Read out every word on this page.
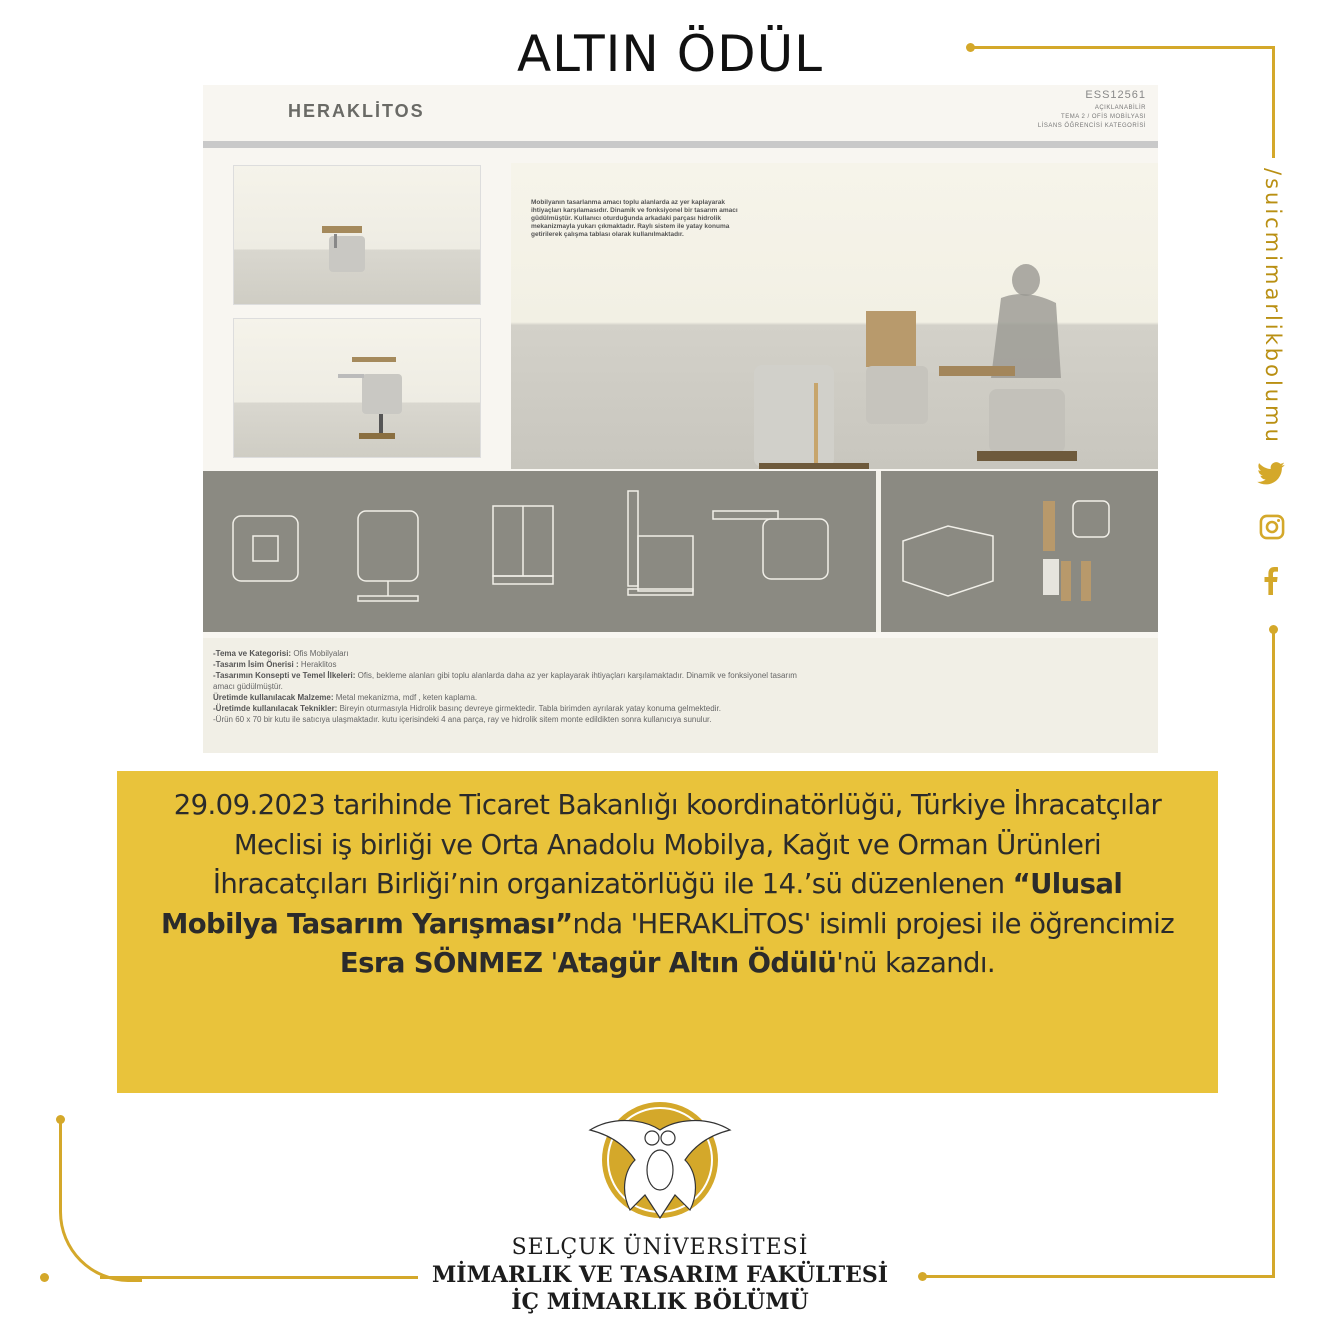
ALTIN ÖDÜL
/suicmimarlikbolumu
HERAKLİTOS
ESS12561
AÇIKLANABİLİR
TEMA 2 / OFİS MOBİLYASI
LİSANS ÖĞRENCİSİ KATEGORİSİ
Mobilyanın tasarlanma amacı toplu alanlarda az yer kaplayarak ihtiyaçları karşılamasıdır. Dinamik ve fonksiyonel bir tasarım amacı güdülmüştür. Kullanıcı oturduğunda arkadaki parçası hidrolik mekanizmayla yukarı çıkmaktadır. Raylı sistem ile yatay konuma getirilerek çalışma tablası olarak kullanılmaktadır.
-Tema ve Kategorisi: Ofis Mobilyaları
-Tasarım İsim Önerisi : Heraklitos
-Tasarımın Konsepti ve Temel İlkeleri: Ofis, bekleme alanları gibi toplu alanlarda daha az yer kaplayarak ihtiyaçları karşılamaktadır. Dinamik ve fonksiyonel tasarım
amacı güdülmüştür.
Üretimde kullanılacak Malzeme: Metal mekanizma, mdf , keten kaplama.
-Üretimde kullanılacak Teknikler: Bireyin oturmasıyla Hidrolik basınç devreye girmektedir. Tabla birimden ayrılarak yatay konuma gelmektedir.
-Ürün 60 x 70 bir kutu ile satıcıya ulaşmaktadır. kutu içerisindeki 4 ana parça, ray ve hidrolik sitem monte edildikten sonra kullanıcıya sunulur.
29.09.2023 tarihinde Ticaret Bakanlığı koordinatörlüğü, Türkiye İhracatçılar Meclisi iş birliği ve Orta Anadolu Mobilya, Kağıt ve Orman Ürünleri İhracatçıları Birliği’nin organizatörlüğü ile 14.’sü düzenlenen “Ulusal Mobilya Tasarım Yarışması”nda 'HERAKLİTOS' isimli projesi ile öğrencimiz Esra SÖNMEZ 'Atagür Altın Ödülü'nü kazandı.
SELÇUK ÜNİVERSİTESİ
MİMARLIK VE TASARIM FAKÜLTESİ
İÇ MİMARLIK BÖLÜMÜ
